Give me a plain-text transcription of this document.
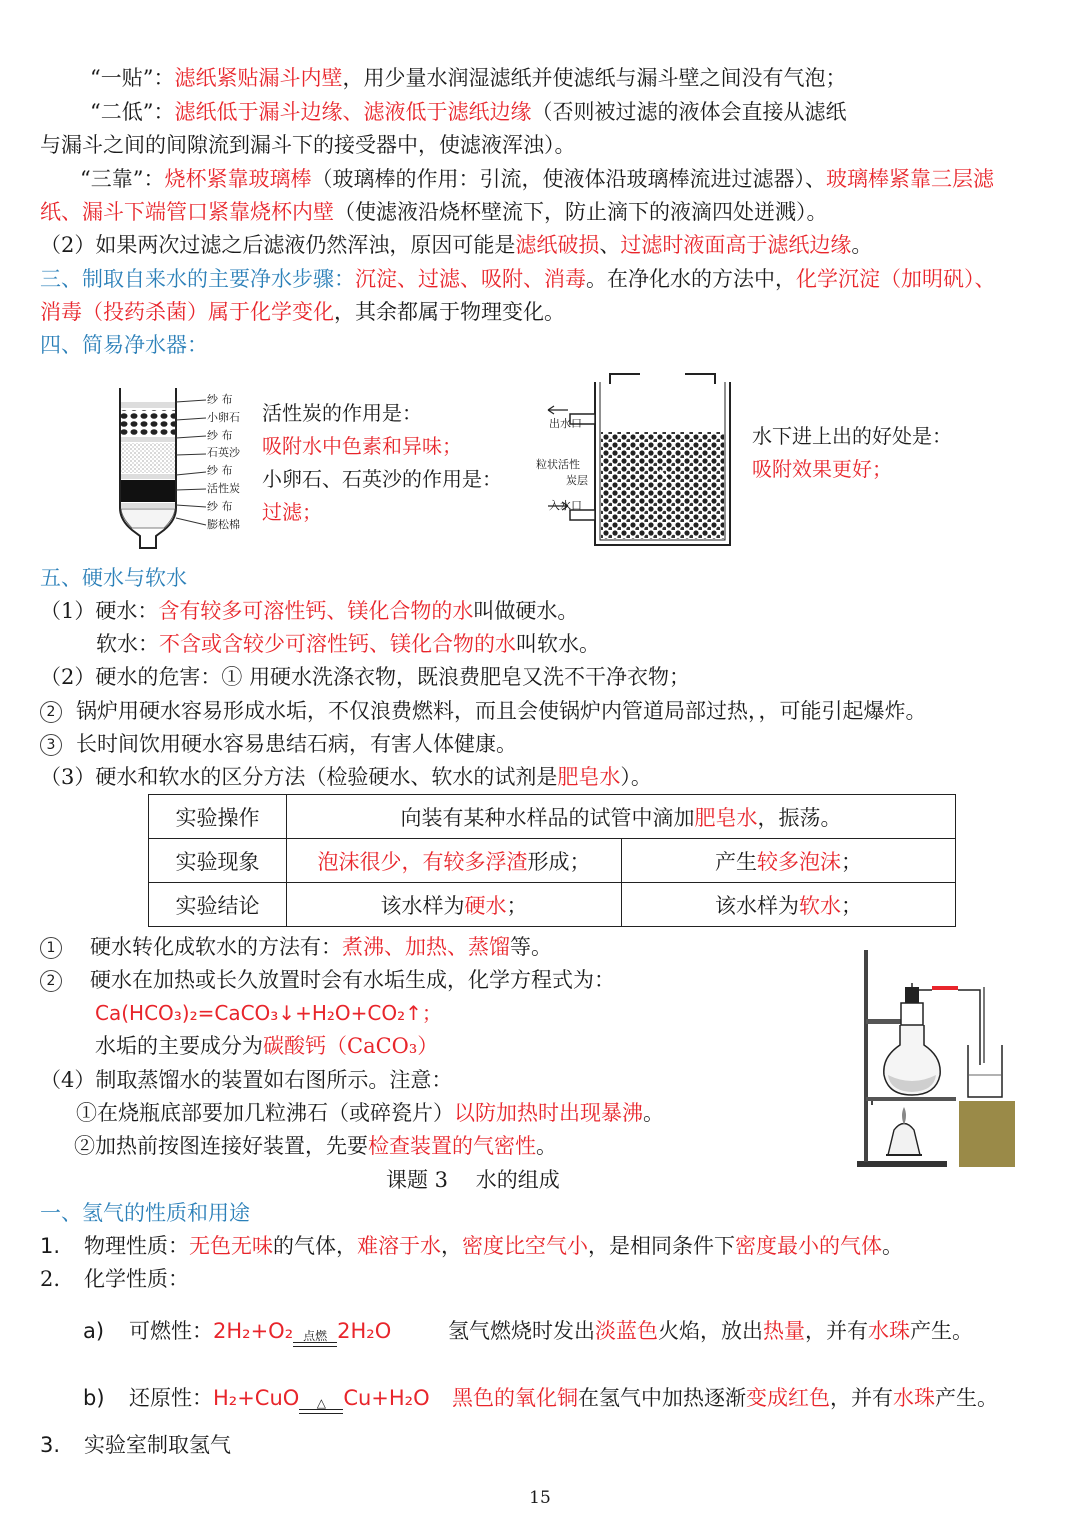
“一贴”：滤纸紧贴漏斗内壁，用少量水润湿滤纸并使滤纸与漏斗壁之间没有气泡；
“二低”：滤纸低于漏斗边缘、滤液低于滤纸边缘（否则被过滤的液体会直接从滤纸
与漏斗之间的间隙流到漏斗下的接受器中，使滤液浑浊）。
“三靠”：烧杯紧靠玻璃棒（玻璃棒的作用：引流，使液体沿玻璃棒流进过滤器）、玻璃棒紧靠三层滤
纸、漏斗下端管口紧靠烧杯内壁（使滤液沿烧杯壁流下，防止滴下的液滴四处迸溅）。
（2）如果两次过滤之后滤液仍然浑浊，原因可能是滤纸破损、过滤时液面高于滤纸边缘。
三、制取自来水的主要净水步骤：沉淀、过滤、吸附、消毒。在净化水的方法中，化学沉淀（加明矾）、
消毒（投药杀菌）属于化学变化，其余都属于物理变化。
四、简易净水器：
纱 布
小卵石
纱 布
石英沙
纱 布
活性炭
纱 布
膨松棉
活性炭的作用是：
吸附水中色素和异味；
小卵石、石英沙的作用是：
过滤；
出水口
粒状活性
炭层
入水口
水下进上出的好处是：
吸附效果更好；
五、硬水与软水
（1）硬水：含有较多可溶性钙、镁化合物的水叫做硬水。
软水：不含或含较少可溶性钙、镁化合物的水叫软水。
（2）硬水的危害：① 用硬水洗涤衣物，既浪费肥皂又洗不干净衣物；
2 锅炉用硬水容易形成水垢，不仅浪费燃料，而且会使锅炉内管道局部过热，，可能引起爆炸。
3 长时间饮用硬水容易患结石病，有害人体健康。
（3）硬水和软水的区分方法（检验硬水、软水的试剂是肥皂水）。
实验操作	向装有某种水样品的试管中滴加肥皂水，振荡。	
实验现象	泡沫很少，有较多浮渣形成；	产生较多泡沫；
实验结论	该水样为硬水；	该水样为软水；
1 硬水转化成软水的方法有：煮沸、加热、蒸馏等。
2 硬水在加热或长久放置时会有水垢生成，化学方程式为：
Ca(HCO₃)₂=CaCO₃↓+H₂O+CO₂↑；
水垢的主要成分为碳酸钙（CaCO₃）
（4）制取蒸馏水的装置如右图所示。注意：
①在烧瓶底部要加几粒沸石（或碎瓷片）以防加热时出现暴沸。
②加热前按图连接好装置，先要检查装置的气密性。
课题 3　 水的组成
一、氢气的性质和用途
1. 物理性质：无色无味的气体，难溶于水，密度比空气小，是相同条件下密度最小的气体。
2. 化学性质：
a) 可燃性：2H₂+O₂ 点燃 2H₂O	氢气燃烧时发出淡蓝色火焰，放出热量，并有水珠产生。
b) 还原性：H₂+CuO	△ Cu+H₂O 黑色的氧化铜在氢气中加热逐渐变成红色，并有水珠产生。
3. 实验室制取氢气
15
